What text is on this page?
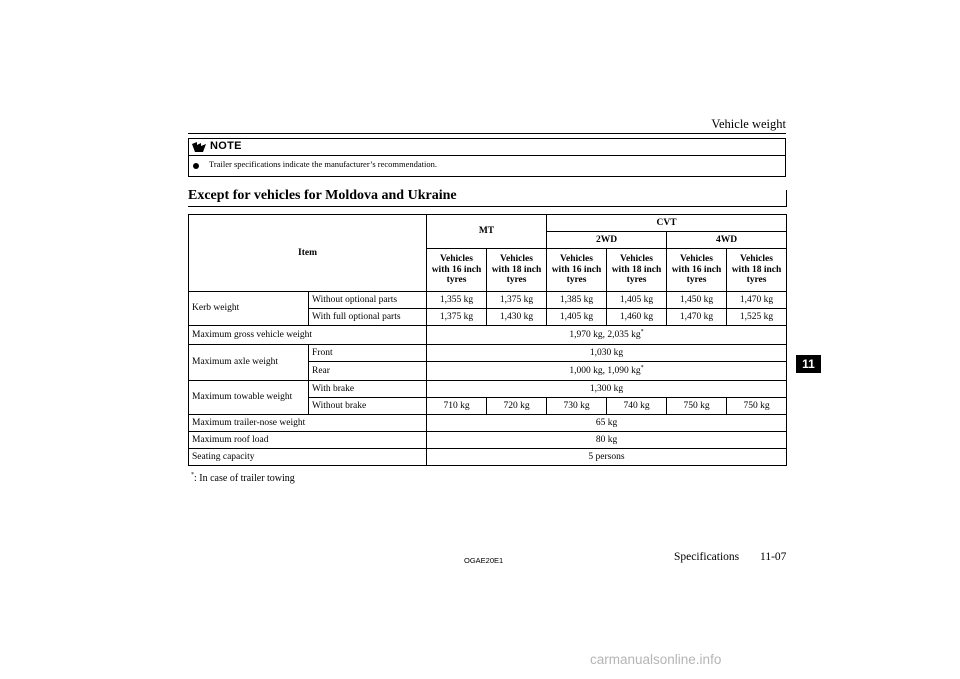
Vehicle weight
NOTE
Trailer specifications indicate the manufacturer’s recommendation.
Except for vehicles for Moldova and Ukraine
Item		MT		CVT			
				2WD		4WD	
		Vehicles with 16 inch tyres	Vehicles with 18 inch tyres	Vehicles with 16 inch tyres	Vehicles with 18 inch tyres	Vehicles with 16 inch tyres	Vehicles with 18 inch tyres
Kerb weight	Without optional parts	1,355 kg	1,375 kg	1,385 kg	1,405 kg	1,450 kg	1,470 kg
	With full optional parts	1,375 kg	1,430 kg	1,405 kg	1,460 kg	1,470 kg	1,525 kg
Maximum gross vehicle weight		1,970 kg, 2,035 kg*
Maximum axle weight	Front	1,030 kg					
	Rear	1,000 kg, 1,090 kg*
Maximum towable weight	With brake	1,300 kg					
	Without brake	710 kg	720 kg	730 kg	740 kg	750 kg	750 kg
Maximum trailer-nose weight		65 kg					
Maximum roof load		80 kg					
Seating capacity		5 persons					
*: In case of trailer towing
OGAE20E1	Specifications 11-07
11
carmanualsonline.info
